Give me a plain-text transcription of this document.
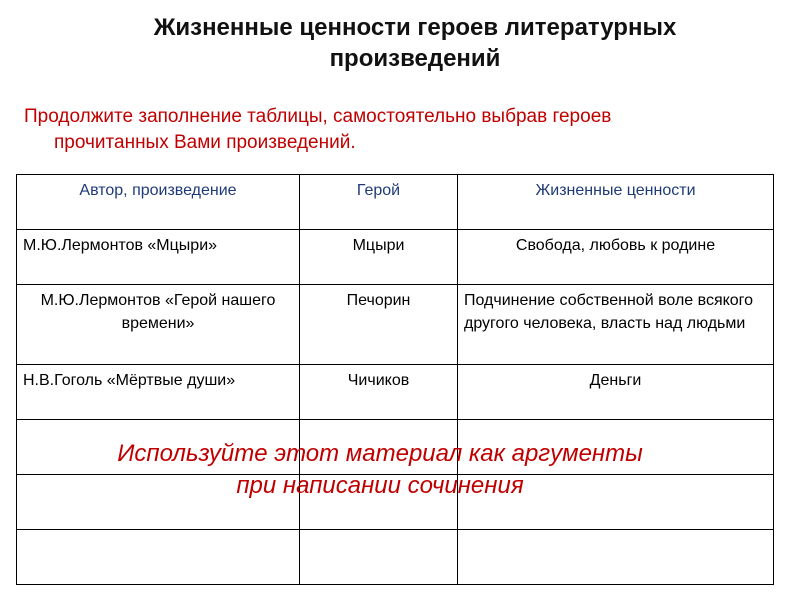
Жизненные ценности героев литературных
произведений

Продолжите заполнение таблицы, самостоятельно выбрав героев
прочитанных Вами произведений.

Автор, произведение	Герой	Жизненные ценности
М.Ю.Лермонтов «Мцыри»	Мцыри	Свобода, любовь к родине
М.Ю.Лермонтов «Герой нашего времени»	Печорин	Подчинение собственной воле всякого другого человека, власть над людьми
Н.В.Гоголь «Мёртвые души»	Чичиков	Деньги

Используйте этот материал как аргументы
при написании сочинения
